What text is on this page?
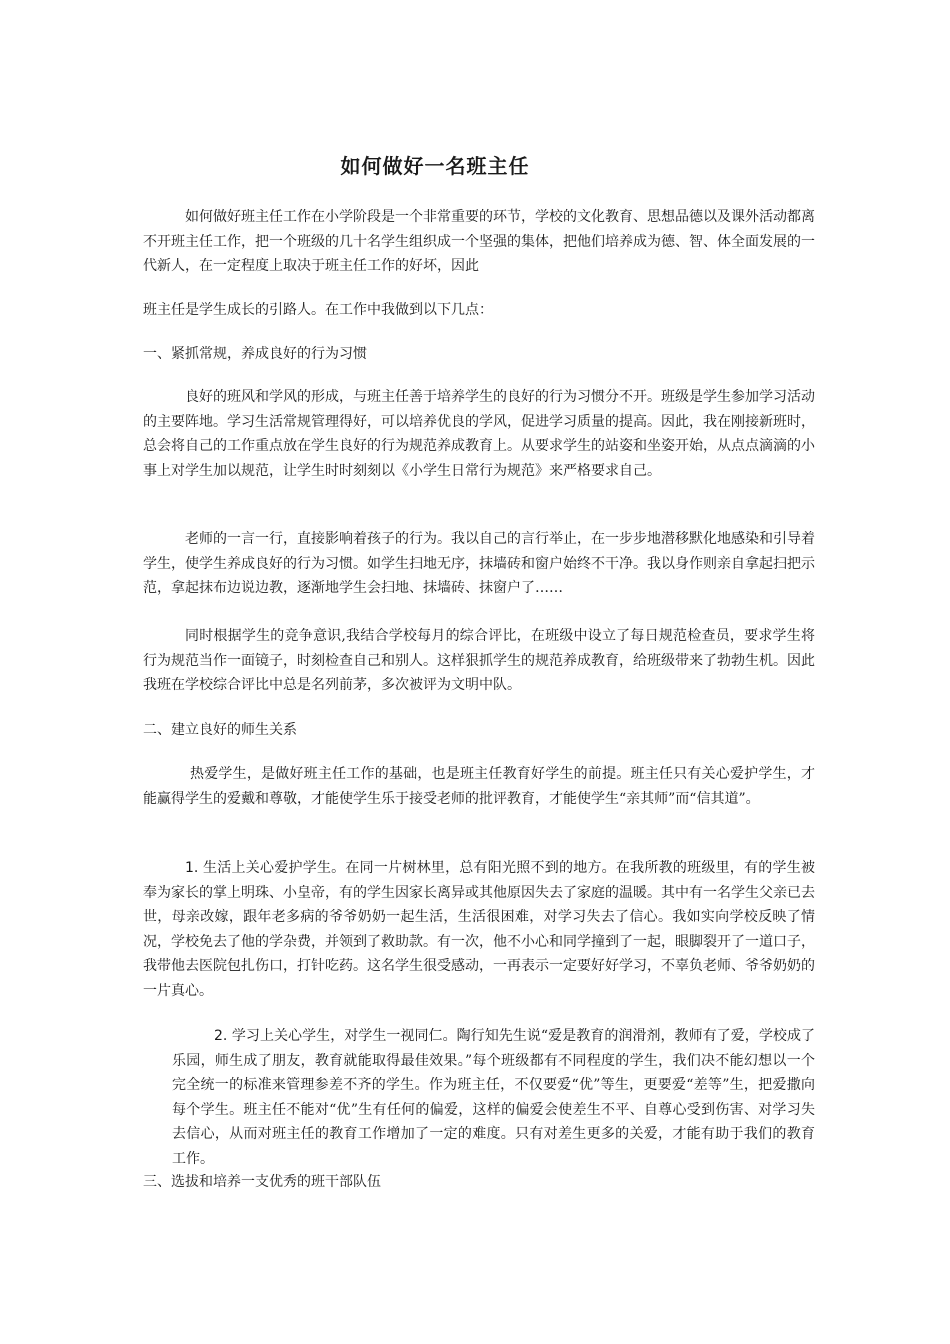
如何做好一名班主任

如何做好班主任工作在小学阶段是一个非常重要的环节，学校的文化教育、思想品德以及课外活动都离不开班主任工作，把一个班级的几十名学生组织成一个坚强的集体，把他们培养成为德、智、体全面发展的一代新人，在一定程度上取决于班主任工作的好坏，因此

班主任是学生成长的引路人。在工作中我做到以下几点：

一、紧抓常规，养成良好的行为习惯

良好的班风和学风的形成，与班主任善于培养学生的良好的行为习惯分不开。班级是学生参加学习活动的主要阵地。学习生活常规管理得好，可以培养优良的学风，促进学习质量的提高。因此，我在刚接新班时，总会将自己的工作重点放在学生良好的行为规范养成教育上。从要求学生的站姿和坐姿开始，从点点滴滴的小事上对学生加以规范，让学生时时刻刻以《小学生日常行为规范》来严格要求自己。

老师的一言一行，直接影响着孩子的行为。我以自己的言行举止，在一步步地潜移默化地感染和引导着学生，使学生养成良好的行为习惯。如学生扫地无序，抹墙砖和窗户始终不干净。我以身作则亲自拿起扫把示范，拿起抹布边说边教，逐渐地学生会扫地、抹墙砖、抹窗户了……

同时根据学生的竞争意识,我结合学校每月的综合评比，在班级中设立了每日规范检查员，要求学生将行为规范当作一面镜子，时刻检查自己和别人。这样狠抓学生的规范养成教育，给班级带来了勃勃生机。因此我班在学校综合评比中总是名列前茅，多次被评为文明中队。

二、建立良好的师生关系

热爱学生，是做好班主任工作的基础，也是班主任教育好学生的前提。班主任只有关心爱护学生，才能赢得学生的爱戴和尊敬，才能使学生乐于接受老师的批评教育，才能使学生“亲其师”而“信其道”。

1. 生活上关心爱护学生。在同一片树林里，总有阳光照不到的地方。在我所教的班级里，有的学生被奉为家长的掌上明珠、小皇帝，有的学生因家长离异或其他原因失去了家庭的温暖。其中有一名学生父亲已去世，母亲改嫁，跟年老多病的爷爷奶奶一起生活，生活很困难，对学习失去了信心。我如实向学校反映了情况，学校免去了他的学杂费，并领到了救助款。有一次，他不小心和同学撞到了一起，眼脚裂开了一道口子，我带他去医院包扎伤口，打针吃药。这名学生很受感动，一再表示一定要好好学习，不辜负老师、爷爷奶奶的一片真心。

2. 学习上关心学生，对学生一视同仁。陶行知先生说“爱是教育的润滑剂，教师有了爱，学校成了乐园，师生成了朋友，教育就能取得最佳效果。”每个班级都有不同程度的学生，我们决不能幻想以一个完全统一的标准来管理参差不齐的学生。作为班主任，不仅要爱“优”等生，更要爱“差等”生，把爱撒向每个学生。班主任不能对“优”生有任何的偏爱，这样的偏爱会使差生不平、自尊心受到伤害、对学习失去信心，从而对班主任的教育工作增加了一定的难度。只有对差生更多的关爱，才能有助于我们的教育工作。

三、选拔和培养一支优秀的班干部队伍
